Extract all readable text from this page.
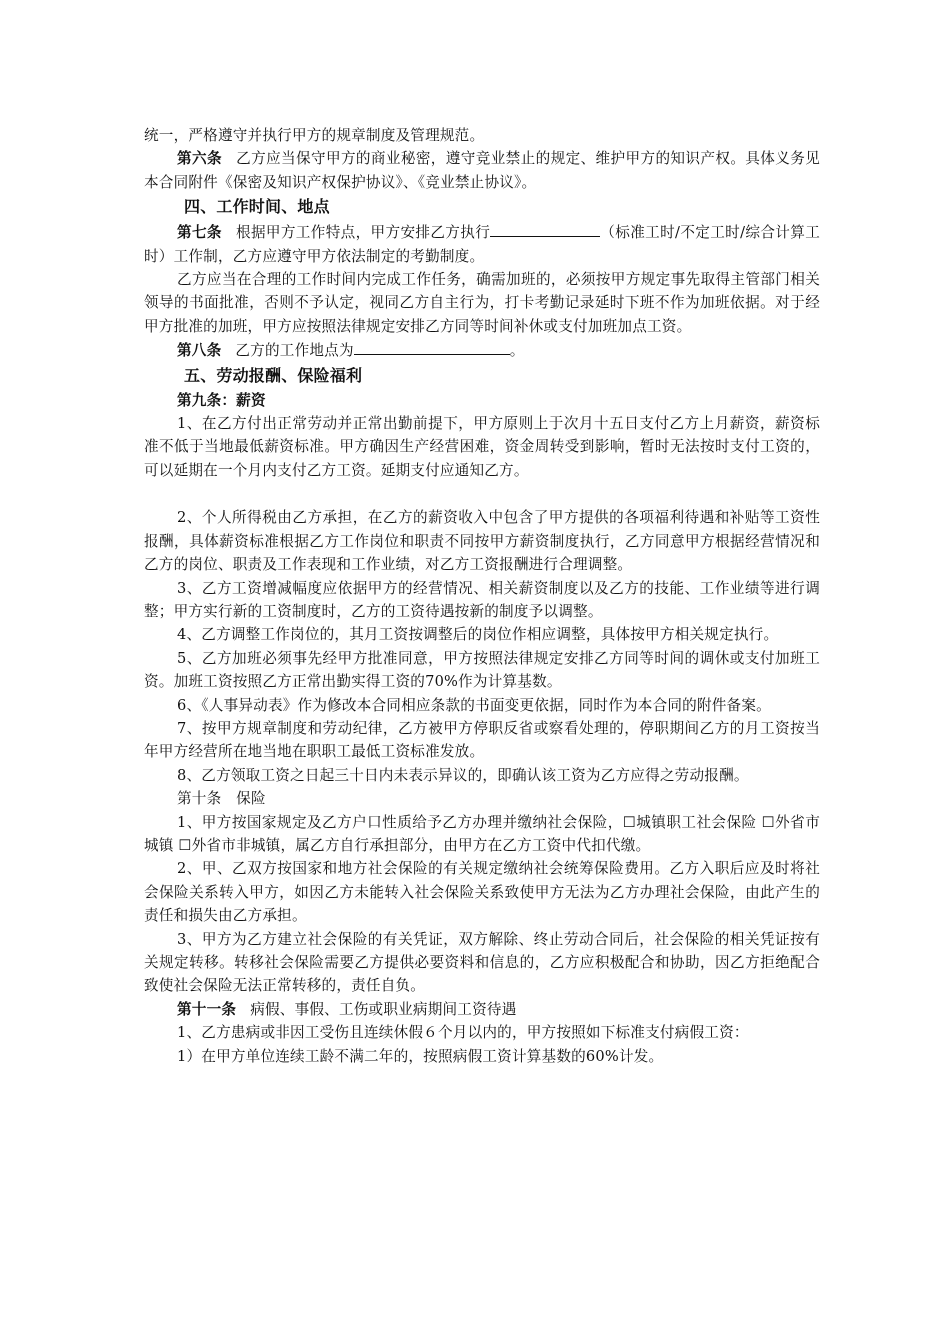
统一，严格遵守并执行甲方的规章制度及管理规范。

第六条 乙方应当保守甲方的商业秘密，遵守竞业禁止的规定、维护甲方的知识产权。具体义务见本合同附件《保密及知识产权保护协议》、《竞业禁止协议》。

四、工作时间、地点

第七条 根据甲方工作特点，甲方安排乙方执行	（标准工时/不定工时/综合计算工时）工作制，乙方应遵守甲方依法制定的考勤制度。

乙方应当在合理的工作时间内完成工作任务，确需加班的，必须按甲方规定事先取得主管部门相关领导的书面批准，否则不予认定，视同乙方自主行为，打卡考勤记录延时下班不作为加班依据。对于经甲方批准的加班，甲方应按照法律规定安排乙方同等时间补休或支付加班加点工资。

第八条 乙方的工作地点为	。

五、劳动报酬、保险福利

第九条：薪资

1、在乙方付出正常劳动并正常出勤前提下，甲方原则上于次月十五日支付乙方上月薪资，薪资标准不低于当地最低薪资标准。甲方确因生产经营困难，资金周转受到影响，暂时无法按时支付工资的，可以延期在一个月内支付乙方工资。延期支付应通知乙方。

2、个人所得税由乙方承担，在乙方的薪资收入中包含了甲方提供的各项福利待遇和补贴等工资性报酬，具体薪资标准根据乙方工作岗位和职责不同按甲方薪资制度执行，乙方同意甲方根据经营情况和乙方的岗位、职责及工作表现和工作业绩，对乙方工资报酬进行合理调整。

3、乙方工资增减幅度应依据甲方的经营情况、相关薪资制度以及乙方的技能、工作业绩等进行调整；甲方实行新的工资制度时，乙方的工资待遇按新的制度予以调整。

4、乙方调整工作岗位的，其月工资按调整后的岗位作相应调整，具体按甲方相关规定执行。

5、乙方加班必须事先经甲方批准同意，甲方按照法律规定安排乙方同等时间的调休或支付加班工资。加班工资按照乙方正常出勤实得工资的70%作为计算基数。

6、《人事异动表》作为修改本合同相应条款的书面变更依据，同时作为本合同的附件备案。

7、按甲方规章制度和劳动纪律，乙方被甲方停职反省或察看处理的，停职期间乙方的月工资按当年甲方经营所在地当地在职职工最低工资标准发放。

8、乙方领取工资之日起三十日内未表示异议的，即确认该工资为乙方应得之劳动报酬。

第十条　保险

1、甲方按国家规定及乙方户口性质给予乙方办理并缴纳社会保险，☐城镇职工社会保险 ☐外省市城镇 ☐外省市非城镇，属乙方自行承担部分，由甲方在乙方工资中代扣代缴。

2、甲、乙双方按国家和地方社会保险的有关规定缴纳社会统筹保险费用。乙方入职后应及时将社会保险关系转入甲方，如因乙方未能转入社会保险关系致使甲方无法为乙方办理社会保险，由此产生的责任和损失由乙方承担。

3、甲方为乙方建立社会保险的有关凭证，双方解除、终止劳动合同后，社会保险的相关凭证按有关规定转移。转移社会保险需要乙方提供必要资料和信息的，乙方应积极配合和协助，因乙方拒绝配合致使社会保险无法正常转移的，责任自负。

第十一条 病假、事假、工伤或职业病期间工资待遇

1、乙方患病或非因工受伤且连续休假６个月以内的，甲方按照如下标准支付病假工资：

1）在甲方单位连续工龄不满二年的，按照病假工资计算基数的60%计发。
